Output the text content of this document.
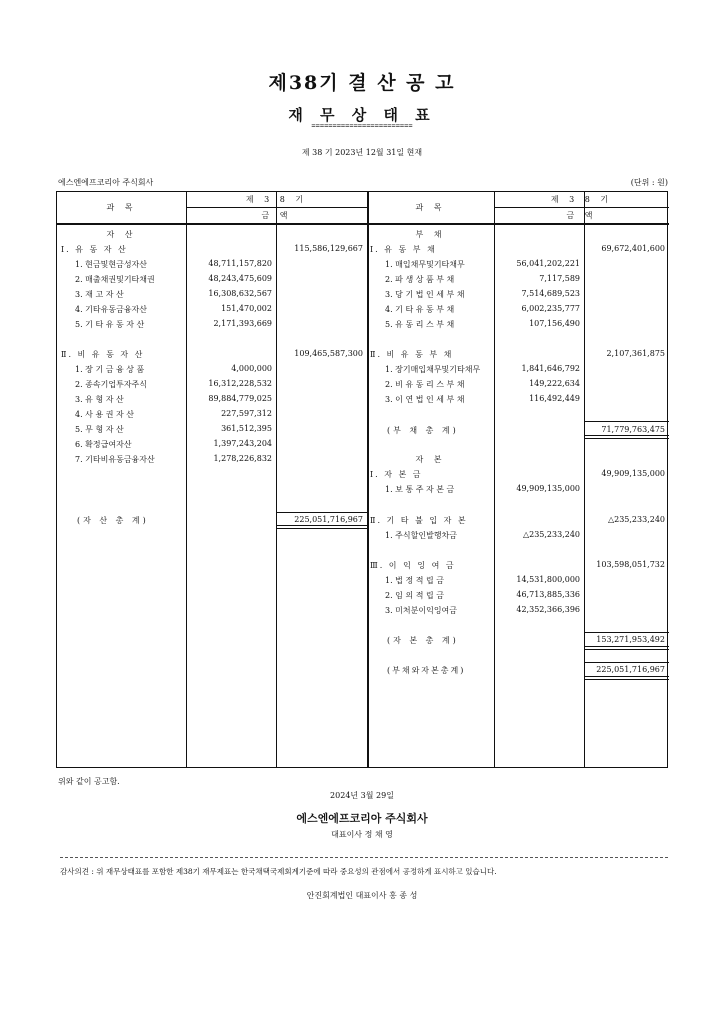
제38기 결 산 공 고
재 무 상 태 표
========================
제 38 기 2023년 12월 31일 현재
에스엔에프코리아 주식회사	(단위 : 원)
과 목
제 3 8 기
금 액
과 목
제 3 8 기
금 액
자 산
Ⅰ. 유 동 자 산	115,586,129,667
1. 현금및현금성자산	48,711,157,820
2. 매출채권및기타채권	48,243,475,609
3. 재 고 자 산	16,308,632,567
4. 기타유동금융자산	151,470,002
5. 기 타 유 동 자 산	2,171,393,669
Ⅱ. 비 유 동 자 산	109,465,587,300
1. 장 기 금 융 상 품	4,000,000
2. 종속기업투자주식	16,312,228,532
3. 유 형 자 산	89,884,779,025
4. 사 용 권 자 산	227,597,312
5. 무 형 자 산	361,512,395
6. 확정급여자산	1,397,243,204
7. 기타비유동금융자산	1,278,226,832
(자 산 총 계)	225,051,716,967
부 채
Ⅰ. 유 동 부 채	69,672,401,600
1. 매입채무및기타채무	56,041,202,221
2. 파 생 상 품 부 채	7,117,589
3. 당 기 법 인 세 부 채	7,514,689,523
4. 기 타 유 동 부 채	6,002,235,777
5. 유 동 리 스 부 채	107,156,490
Ⅱ. 비 유 동 부 채	2,107,361,875
1. 장기매입채무및기타채무	1,841,646,792
2. 비 유 동 리 스 부 채	149,222,634
3. 이 연 법 인 세 부 채	116,492,449
(부 채 총 계)	71,779,763,475
자 본
Ⅰ. 자 본 금	49,909,135,000
1. 보 통 주 자 본 금	49,909,135,000
Ⅱ. 기 타 불 입 자 본	△235,233,240
1. 주식할인발행차금	△235,233,240
Ⅲ. 이 익 잉 여 금	103,598,051,732
1. 법 정 적 립 금	14,531,800,000
2. 임 의 적 립 금	46,713,885,336
3. 미처분이익잉여금	42,352,366,396
(자 본 총 계)	153,271,953,492
(부채와자본총계)	225,051,716,967
위와 같이 공고함.
2024년 3월 29일
에스엔에프코리아 주식회사
대표이사 정 채 영
감사의견 : 위 재무상태표를 포함한 제38기 재무제표는 한국채택국제회계기준에 따라 중요성의 관점에서 공정하게 표시하고 있습니다.
안진회계법인 대표이사 홍 종 성
